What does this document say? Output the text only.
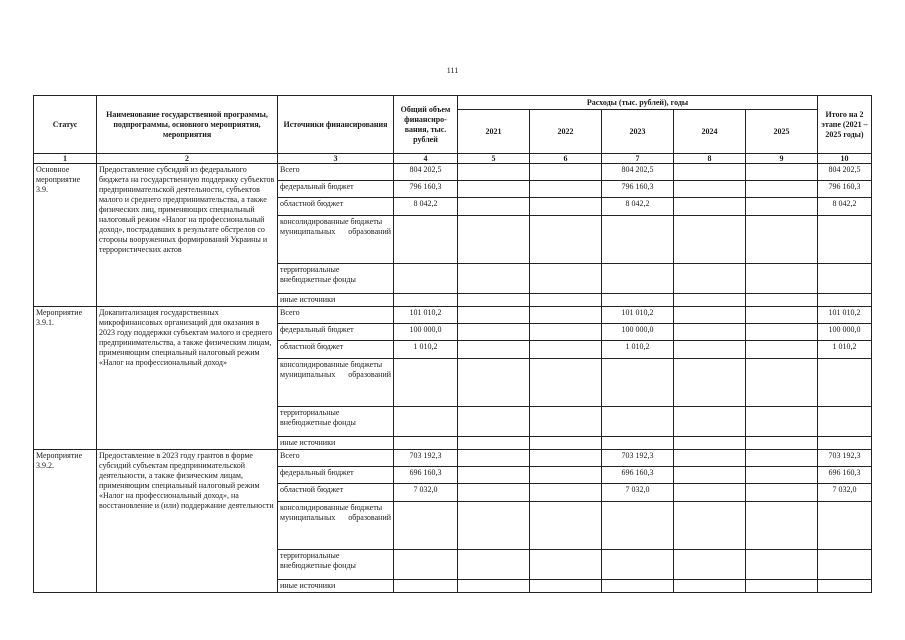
111
Статус	Наименование государственной программы, подпрограммы, основного мероприятия, мероприятия	Источники финансирования	Общий объем финансиро-вания, тыс. рублей	Расходы (тыс. рублей), годы					Итого на 2 этапе (2021 – 2025 годы)
				2021	2022	2023	2024	2025	
1	2	3	4	5	6	7	8	9	10
Основное мероприятие 3.9.	Предоставление субсидий из федерального бюджета на государственную поддержку субъектов предпринимательской деятельности, субъектов малого и среднего предпринимательства, а также физических лиц, применяющих специальный налоговый режим «Налог на профессиональный доход», пострадавших в результате обстрелов со стороны вооруженных формирований Украины и террористических актов	Всего	804 202,5			804 202,5			804 202,5
		федеральный бюджет	796 160,3			796 160,3			796 160,3
		областной бюджет	8 042,2			8 042,2			8 042,2
		консолидированные бюджеты муниципальных образований							
		территориальные внебюджетные фонды							
		иные источники							
Мероприятие 3.9.1.	Докапитализация государственных микрофинансовых организаций для оказания в 2023 году поддержки субъектам малого и среднего предпринимательства, а также физическим лицам, применяющим специальный налоговый режим «Налог на профессиональный доход»	Всего	101 010,2			101 010,2			101 010,2
		федеральный бюджет	100 000,0			100 000,0			100 000,0
		областной бюджет	1 010,2			1 010,2			1 010,2
		консолидированные бюджеты муниципальных образований							
		территориальные внебюджетные фонды							
		иные источники							
Мероприятие 3.9.2.	Предоставление в 2023 году грантов в форме субсидий субъектам предпринимательской деятельности, а также физическим лицам, применяющим специальный налоговый режим «Налог на профессиональный доход», на восстановление и (или) поддержание деятельности	Всего	703 192,3			703 192,3			703 192,3
		федеральный бюджет	696 160,3			696 160,3			696 160,3
		областной бюджет	7 032,0			7 032,0			7 032,0
		консолидированные бюджеты муниципальных образований							
		территориальные внебюджетные фонды							
		иные источники							
